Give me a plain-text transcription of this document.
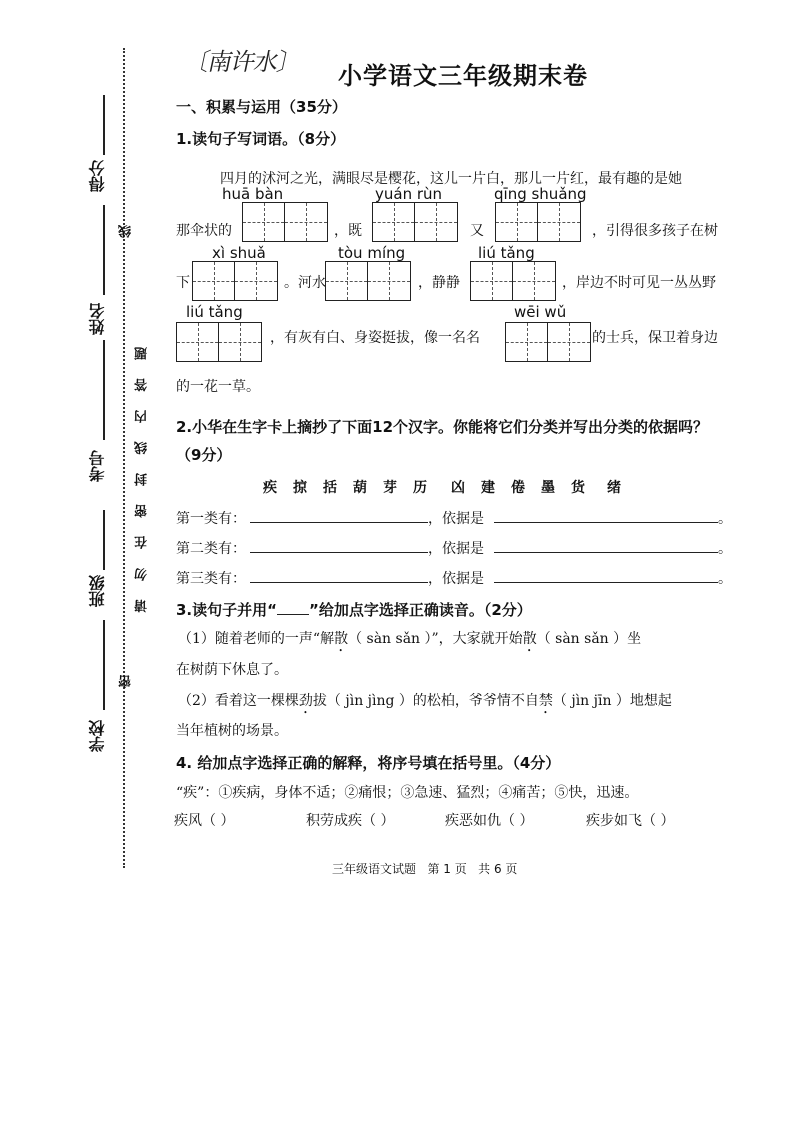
〔南许水〕
得分
姓名
考号
班级
学校
线
请 勿 在 密 封 线 内 答 题
密
小学语文三年级期末卷
一、积累与运用（35分）
1.读句子写词语。（8分）
四月的沭河之光，满眼尽是樱花，这儿一片白，那儿一片红，最有趣的是她
huā bàn	yuán rùn	qīng shuǎng
那伞状的	，既	又	，引得很多孩子在树
xì shuǎ	tòu míng	liú tǎng
下	。河水	，静静	，岸边不时可见一丛丛野
liú tǎng	wēi wǔ
，有灰有白、身姿挺拔，像一名名	的士兵，保卫着身边
的一花一草。
2.小华在生字卡上摘抄了下面12个汉字。你能将它们分类并写出分类的依据吗？
（9分）
疾 掠 括 葫 芽 历 凶 建 倦 墨 货 绪
第一类有：	，依据是	。
第二类有：	，依据是	。
第三类有：	，依据是	。
3.读句子并用“ ”给加点字选择正确读音。（2分）
（1）随着老师的一声“解散（ sàn sǎn ）”，大家就开始散（ sàn sǎn ）坐
在树荫下休息了。
（2）看着这一棵棵劲拔（ jìn jìng ）的松柏，爷爷情不自禁（ jìn jīn ）地想起
当年植树的场景。
4. 给加点字选择正确的解释，将序号填在括号里。（4分）
“疾”：①疾病，身体不适；②痛恨；③急速、猛烈；④痛苦；⑤快，迅速。
疾风（ ）	积劳成疾（ ）	疾恶如仇（ ）	疾步如飞（ ）
三年级语文试题   第 1 页   共 6 页
